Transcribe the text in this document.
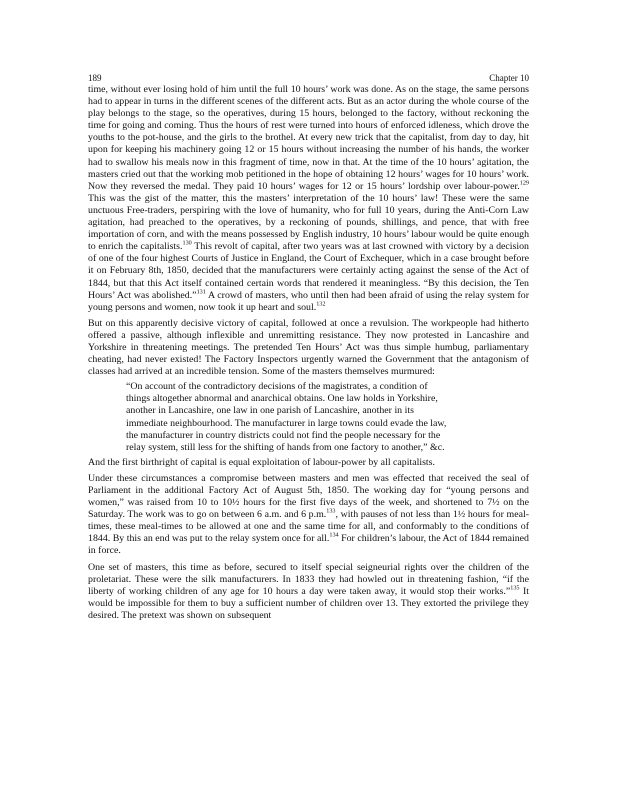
189	Chapter 10

time, without ever losing hold of him until the full 10 hours’ work was done. As on the stage, the same persons had to appear in turns in the different scenes of the different acts. But as an actor during the whole course of the play belongs to the stage, so the operatives, during 15 hours, belonged to the factory, without reckoning the time for going and coming. Thus the hours of rest were turned into hours of enforced idleness, which drove the youths to the pot-house, and the girls to the brothel. At every new trick that the capitalist, from day to day, hit upon for keeping his machinery going 12 or 15 hours without increasing the number of his hands, the worker had to swallow his meals now in this fragment of time, now in that. At the time of the 10 hours’ agitation, the masters cried out that the working mob petitioned in the hope of obtaining 12 hours’ wages for 10 hours’ work. Now they reversed the medal. They paid 10 hours’ wages for 12 or 15 hours’ lordship over labour-power.$^{129}$ This was the gist of the matter, this the masters’ interpretation of the 10 hours’ law! These were the same unctuous Free-traders, perspiring with the love of humanity, who for full 10 years, during the Anti-Corn Law agitation, had preached to the operatives, by a reckoning of pounds, shillings, and pence, that with free importation of corn, and with the means possessed by English industry, 10 hours’ labour would be quite enough to enrich the capitalists.$^{130}$ This revolt of capital, after two years was at last crowned with victory by a decision of one of the four highest Courts of Justice in England, the Court of Exchequer, which in a case brought before it on February 8th, 1850, decided that the manufacturers were certainly acting against the sense of the Act of 1844, but that this Act itself contained certain words that rendered it meaningless. “By this decision, the Ten Hours’ Act was abolished.”$^{131}$ A crowd of masters, who until then had been afraid of using the relay system for young persons and women, now took it up heart and soul.$^{132}$

But on this apparently decisive victory of capital, followed at once a revulsion. The workpeople had hitherto offered a passive, although inflexible and unremitting resistance. They now protested in Lancashire and Yorkshire in threatening meetings. The pretended Ten Hours’ Act was thus simple humbug, parliamentary cheating, had never existed! The Factory Inspectors urgently warned the Government that the antagonism of classes had arrived at an incredible tension. Some of the masters themselves murmured:

“On account of the contradictory decisions of the magistrates, a condition of
things altogether abnormal and anarchical obtains. One law holds in Yorkshire,
another in Lancashire, one law in one parish of Lancashire, another in its
immediate neighbourhood. The manufacturer in large towns could evade the law,
the manufacturer in country districts could not find the people necessary for the
relay system, still less for the shifting of hands from one factory to another,” &c.

And the first birthright of capital is equal exploitation of labour-power by all capitalists.

Under these circumstances a compromise between masters and men was effected that received the seal of Parliament in the additional Factory Act of August 5th, 1850. The working day for “young persons and women,” was raised from 10 to 10½ hours for the first five days of the week, and shortened to 7½ on the Saturday. The work was to go on between 6 a.m. and 6 p.m.$^{133}$, with pauses of not less than 1½ hours for meal-times, these meal-times to be allowed at one and the same time for all, and conformably to the conditions of 1844. By this an end was put to the relay system once for all.$^{134}$ For children’s labour, the Act of 1844 remained in force.

One set of masters, this time as before, secured to itself special seigneurial rights over the children of the proletariat. These were the silk manufacturers. In 1833 they had howled out in threatening fashion, “if the liberty of working children of any age for 10 hours a day were taken away, it would stop their works.”$^{135}$ It would be impossible for them to buy a sufficient number of children over 13. They extorted the privilege they desired. The pretext was shown on subsequent
